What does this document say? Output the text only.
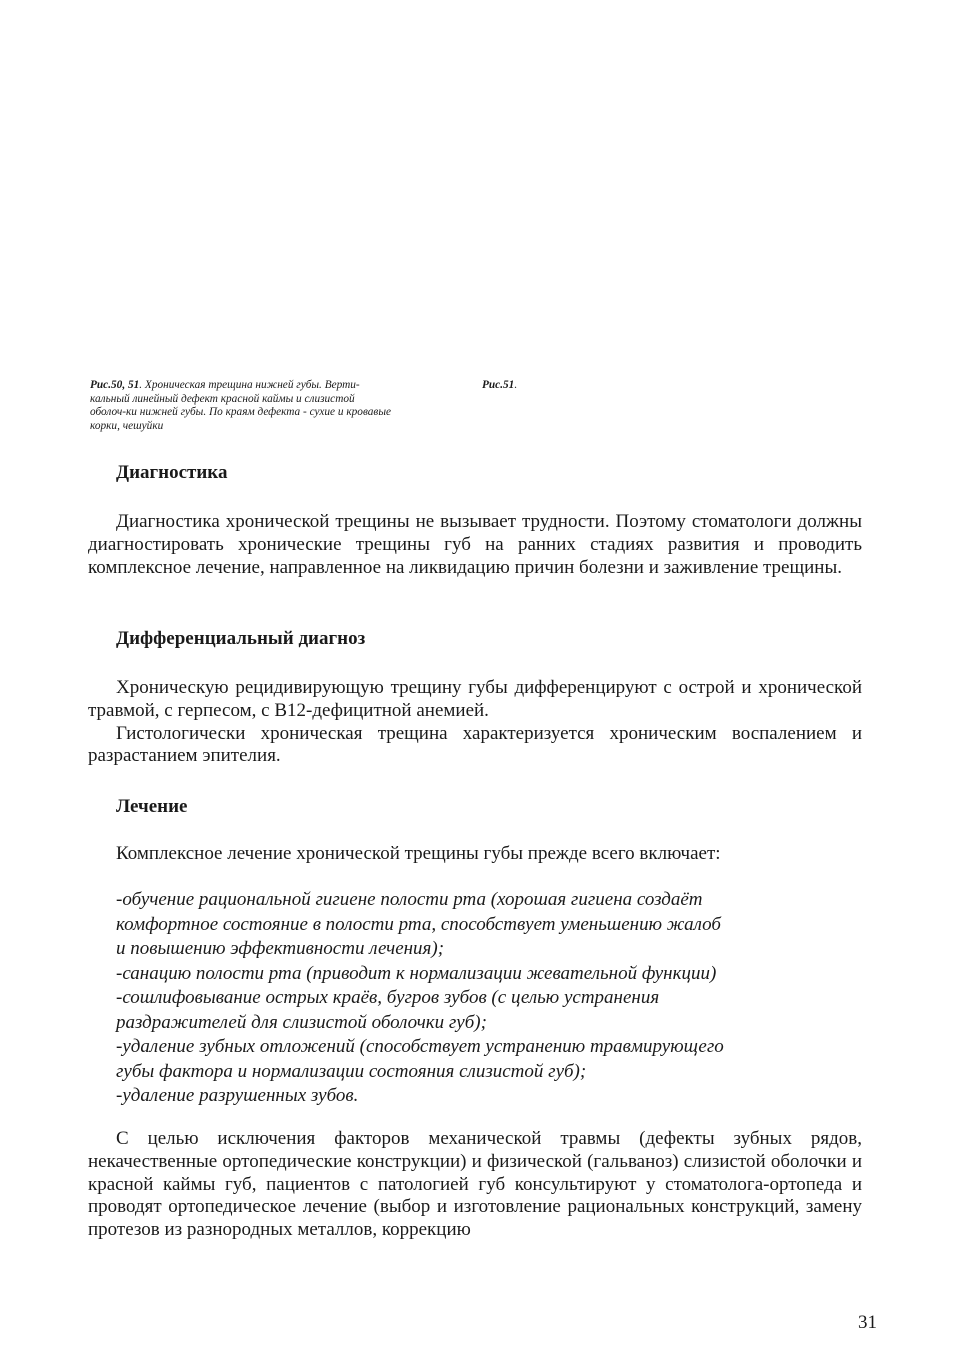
Рис.50, 51. Хроническая трещина нижней губы. Верти-
кальный линейный дефект красной каймы и слизистой
оболоч-ки нижней губы. По краям дефекта - сухие и кровавые
корки, чешуйки
Рис.51.
Диагностика

Диагностика хронической трещины не вызывает трудности. Поэтому стоматологи должны диагностировать хронические трещины губ на ранних стадиях развития и проводить комплексное лечение, направленное на ликвидацию причин болезни и заживление трещины.

Дифференциальный диагноз

Хроническую рецидивирующую трещину губы дифференцируют с острой и хронической травмой, с герпесом, с В12-дефицитной анемией.

Гистологически хроническая трещина характеризуется хроническим воспалением и разрастанием эпителия.

Лечение

Комплексное лечение хронической трещины губы прежде всего включает:

-обучение рациональной гигиене полости рта (хорошая гигиена создаёт
комфортное состояние в полости рта, способствует уменьшению жалоб
и повышению эффективности лечения);
-санацию полости рта (приводит к нормализации жевательной функции)
-сошлифовывание острых краёв, бугров зубов (с целью устранения
раздражителей для слизистой оболочки губ);
-удаление зубных отложений (способствует устранению травмирующего
губы фактора и нормализации состояния слизистой губ);
-удаление разрушенных зубов.

С целью исключения факторов механической травмы (дефекты зубных рядов, некачественные ортопедические конструкции) и физической (гальваноз) слизистой оболочки и красной каймы губ, пациентов с патологией губ консультируют у стоматолога-ортопеда и проводят ортопедическое лечение (выбор и изготовление рациональных конструкций, замену протезов из разнородных металлов, коррекцию

31
